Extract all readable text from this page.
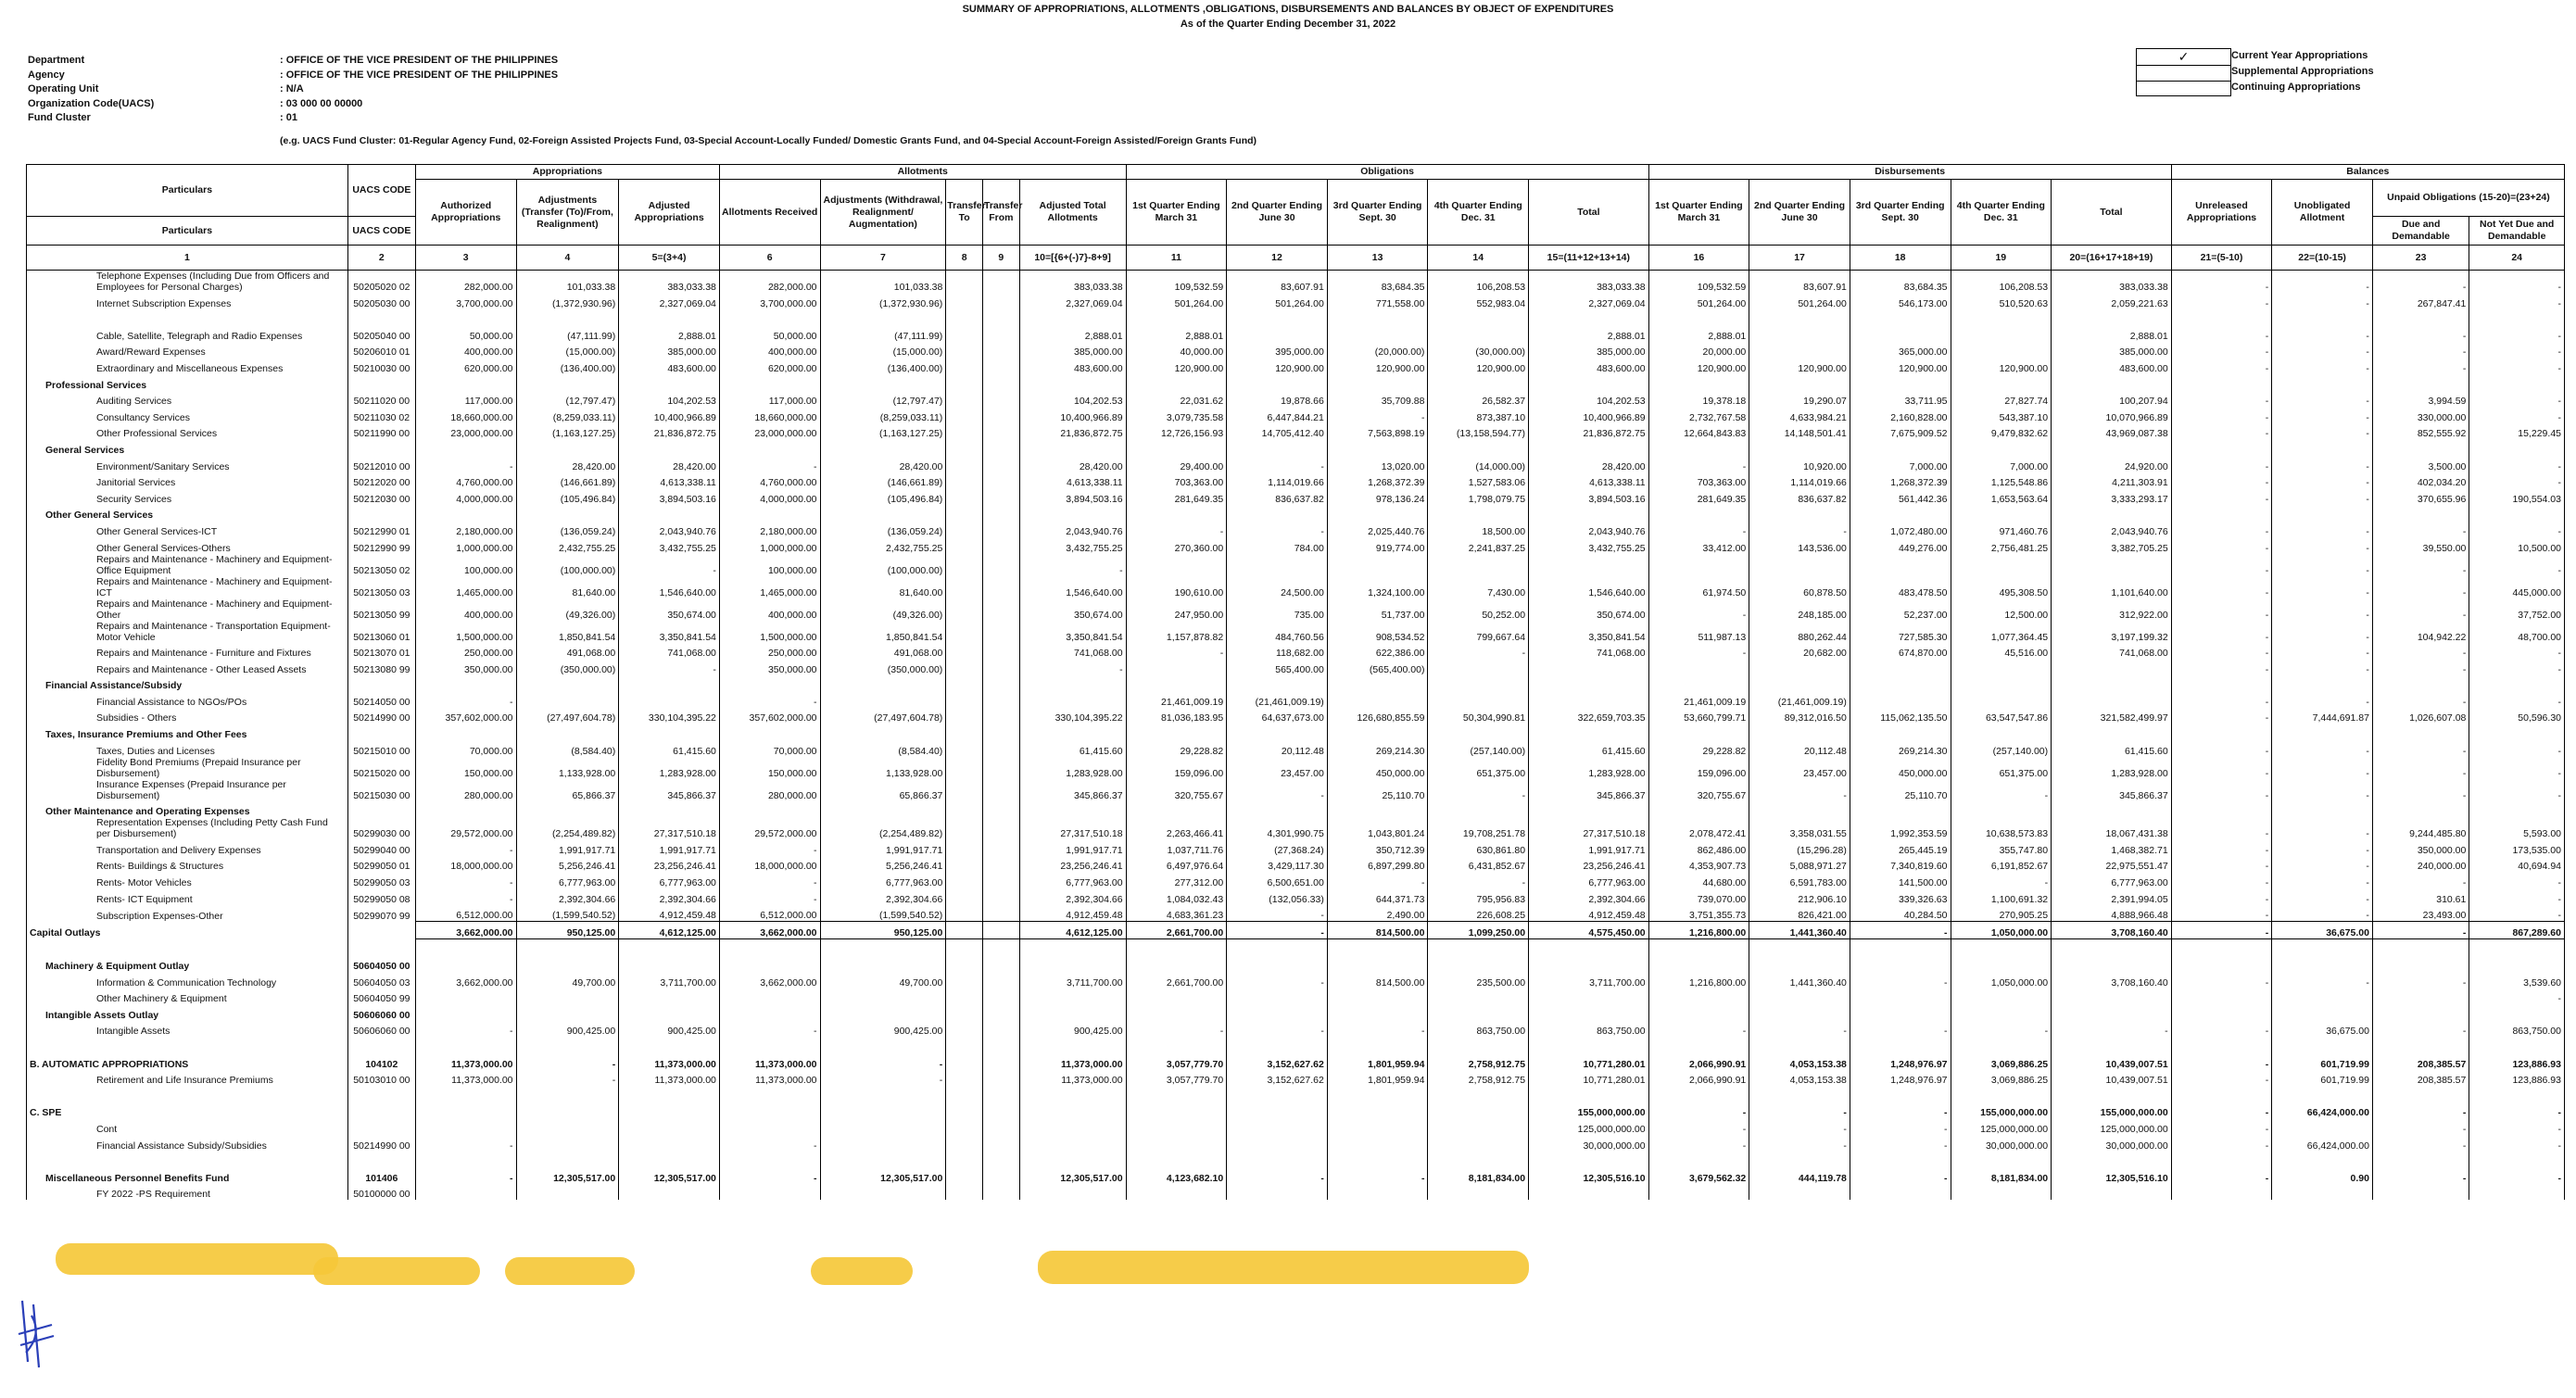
SUMMARY OF APPROPRIATIONS, ALLOTMENTS ,OBLIGATIONS, DISBURSEMENTS AND BALANCES BY OBJECT OF EXPENDITURES
As of the Quarter Ending December 31, 2022
Department	: OFFICE OF THE VICE PRESIDENT OF THE PHILIPPINES
Agency	: OFFICE OF THE VICE PRESIDENT OF THE PHILIPPINES
Operating Unit	: N/A
Organization Code(UACS)	: 03 000 00 00000
Fund Cluster	: 01
(e.g. UACS Fund Cluster: 01-Regular Agency Fund, 02-Foreign Assisted Projects Fund, 03-Special Account-Locally Funded/ Domestic Grants Fund, and 04-Special Account-Foreign Assisted/Foreign Grants Fund)
✓	Current Year Appropriations
Supplemental Appropriations
Continuing Appropriations
Particulars	UACS CODE	Appropriations			Allotments					Obligations					Disbursements					Balances			
		Authorized Appropriations	Adjustments (Transfer (To)/From, Realignment)	Adjusted Appropriations	Allotments Received	Adjustments (Withdrawal, Realignment/ Augmentation)	Transfer To	Transfer From	Adjusted Total Allotments	1st Quarter Ending March 31	2nd Quarter Ending June 30	3rd Quarter Ending Sept. 30	4th Quarter Ending Dec. 31	Total	1st Quarter Ending March 31	2nd Quarter Ending June 30	3rd Quarter Ending Sept. 30	4th Quarter Ending Dec. 31	Total	Unreleased Appropriations	Unobligated Allotment	Unpaid Obligations (15-20)=(23+24)	
Particulars	UACS CODE																					Due and Demandable	Not Yet Due and Demandable
1	2	3	4	5=(3+4)	6	7	8	9	10=[{6+(-)7}-8+9]	11	12	13	14	15=(11+12+13+14)	16	17	18	19	20=(16+17+18+19)	21=(5-10)	22=(10-15)	23	24
Telephone Expenses (Including Due from Officers and Employees for Personal Charges)	50205020 02	282,000.00	101,033.38	383,033.38	282,000.00	101,033.38			383,033.38	109,532.59	83,607.91	83,684.35	106,208.53	383,033.38	109,532.59	83,607.91	83,684.35	106,208.53	383,033.38	-	-	-	-
Internet Subscription Expenses	50205030 00	3,700,000.00	(1,372,930.96)	2,327,069.04	3,700,000.00	(1,372,930.96)			2,327,069.04	501,264.00	501,264.00	771,558.00	552,983.04	2,327,069.04	501,264.00	501,264.00	546,173.00	510,520.63	2,059,221.63	-	-	267,847.41	-

Cable, Satellite, Telegraph and Radio Expenses	50205040 00	50,000.00	(47,111.99)	2,888.01	50,000.00	(47,111.99)			2,888.01	2,888.01				2,888.01	2,888.01				2,888.01	-	-	-	-
Award/Reward Expenses	50206010 01	400,000.00	(15,000.00)	385,000.00	400,000.00	(15,000.00)			385,000.00	40,000.00	395,000.00	(20,000.00)	(30,000.00)	385,000.00	20,000.00		365,000.00		385,000.00	-	-	-	-
Extraordinary and Miscellaneous Expenses	50210030 00	620,000.00	(136,400.00)	483,600.00	620,000.00	(136,400.00)			483,600.00	120,900.00	120,900.00	120,900.00	120,900.00	483,600.00	120,900.00	120,900.00	120,900.00	120,900.00	483,600.00	-	-	-	-
Professional Services																							
Auditing Services	50211020 00	117,000.00	(12,797.47)	104,202.53	117,000.00	(12,797.47)			104,202.53	22,031.62	19,878.66	35,709.88	26,582.37	104,202.53	19,378.18	19,290.07	33,711.95	27,827.74	100,207.94	-	-	3,994.59	-
Consultancy Services	50211030 02	18,660,000.00	(8,259,033.11)	10,400,966.89	18,660,000.00	(8,259,033.11)			10,400,966.89	3,079,735.58	6,447,844.21	-	873,387.10	10,400,966.89	2,732,767.58	4,633,984.21	2,160,828.00	543,387.10	10,070,966.89	-	-	330,000.00	-
Other Professional Services	50211990 00	23,000,000.00	(1,163,127.25)	21,836,872.75	23,000,000.00	(1,163,127.25)			21,836,872.75	12,726,156.93	14,705,412.40	7,563,898.19	(13,158,594.77)	21,836,872.75	12,664,843.83	14,148,501.41	7,675,909.52	9,479,832.62	43,969,087.38	-	-	852,555.92	15,229.45
General Services																							
Environment/Sanitary Services	50212010 00	-	28,420.00	28,420.00	-	28,420.00			28,420.00	29,400.00	-	13,020.00	(14,000.00)	28,420.00	-	10,920.00	7,000.00	7,000.00	24,920.00	-	-	3,500.00	-
Janitorial Services	50212020 00	4,760,000.00	(146,661.89)	4,613,338.11	4,760,000.00	(146,661.89)			4,613,338.11	703,363.00	1,114,019.66	1,268,372.39	1,527,583.06	4,613,338.11	703,363.00	1,114,019.66	1,268,372.39	1,125,548.86	4,211,303.91	-	-	402,034.20	-
Security Services	50212030 00	4,000,000.00	(105,496.84)	3,894,503.16	4,000,000.00	(105,496.84)			3,894,503.16	281,649.35	836,637.82	978,136.24	1,798,079.75	3,894,503.16	281,649.35	836,637.82	561,442.36	1,653,563.64	3,333,293.17	-	-	370,655.96	190,554.03
Other General Services																							
Other General Services-ICT	50212990 01	2,180,000.00	(136,059.24)	2,043,940.76	2,180,000.00	(136,059.24)			2,043,940.76	-	-	2,025,440.76	18,500.00	2,043,940.76	-	-	1,072,480.00	971,460.76	2,043,940.76	-	-	-	-
Other General Services-Others	50212990 99	1,000,000.00	2,432,755.25	3,432,755.25	1,000,000.00	2,432,755.25			3,432,755.25	270,360.00	784.00	919,774.00	2,241,837.25	3,432,755.25	33,412.00	143,536.00	449,276.00	2,756,481.25	3,382,705.25	-	-	39,550.00	10,500.00
Repairs and Maintenance - Machinery and Equipment-Office Equipment	50213050 02	100,000.00	(100,000.00)	-	100,000.00	(100,000.00)			-											-	-	-	-
Repairs and Maintenance - Machinery and Equipment-ICT	50213050 03	1,465,000.00	81,640.00	1,546,640.00	1,465,000.00	81,640.00			1,546,640.00	190,610.00	24,500.00	1,324,100.00	7,430.00	1,546,640.00	61,974.50	60,878.50	483,478.50	495,308.50	1,101,640.00	-	-	-	445,000.00
Repairs and Maintenance - Machinery and Equipment-Other	50213050 99	400,000.00	(49,326.00)	350,674.00	400,000.00	(49,326.00)			350,674.00	247,950.00	735.00	51,737.00	50,252.00	350,674.00	-	248,185.00	52,237.00	12,500.00	312,922.00	-	-	-	37,752.00
Repairs and Maintenance - Transportation Equipment-Motor Vehicle	50213060 01	1,500,000.00	1,850,841.54	3,350,841.54	1,500,000.00	1,850,841.54			3,350,841.54	1,157,878.82	484,760.56	908,534.52	799,667.64	3,350,841.54	511,987.13	880,262.44	727,585.30	1,077,364.45	3,197,199.32	-	-	104,942.22	48,700.00
Repairs and Maintenance - Furniture and Fixtures	50213070 01	250,000.00	491,068.00	741,068.00	250,000.00	491,068.00			741,068.00	-	118,682.00	622,386.00	-	741,068.00	-	20,682.00	674,870.00	45,516.00	741,068.00	-	-	-	-
Repairs and Maintenance - Other Leased Assets	50213080 99	350,000.00	(350,000.00)	-	350,000.00	(350,000.00)			-		565,400.00	(565,400.00)								-	-	-	-
Financial Assistance/Subsidy																							
Financial Assistance to NGOs/POs	50214050 00	-			-					21,461,009.19	(21,461,009.19)				21,461,009.19	(21,461,009.19)				-	-	-	-
Subsidies - Others	50214990 00	357,602,000.00	(27,497,604.78)	330,104,395.22	357,602,000.00	(27,497,604.78)			330,104,395.22	81,036,183.95	64,637,673.00	126,680,855.59	50,304,990.81	322,659,703.35	53,660,799.71	89,312,016.50	115,062,135.50	63,547,547.86	321,582,499.97	-	7,444,691.87	1,026,607.08	50,596.30
Taxes, Insurance Premiums and Other Fees																							
Taxes, Duties and Licenses	50215010 00	70,000.00	(8,584.40)	61,415.60	70,000.00	(8,584.40)			61,415.60	29,228.82	20,112.48	269,214.30	(257,140.00)	61,415.60	29,228.82	20,112.48	269,214.30	(257,140.00)	61,415.60	-	-	-	-
Fidelity Bond Premiums (Prepaid Insurance per Disbursement)	50215020 00	150,000.00	1,133,928.00	1,283,928.00	150,000.00	1,133,928.00			1,283,928.00	159,096.00	23,457.00	450,000.00	651,375.00	1,283,928.00	159,096.00	23,457.00	450,000.00	651,375.00	1,283,928.00	-	-	-	-
Insurance Expenses (Prepaid Insurance per Disbursement)	50215030 00	280,000.00	65,866.37	345,866.37	280,000.00	65,866.37			345,866.37	320,755.67	-	25,110.70	-	345,866.37	320,755.67	-	25,110.70	-	345,866.37	-	-	-	-
Other Maintenance and Operating Expenses																							
Representation Expenses (Including Petty Cash Fund per Disbursement)	50299030 00	29,572,000.00	(2,254,489.82)	27,317,510.18	29,572,000.00	(2,254,489.82)			27,317,510.18	2,263,466.41	4,301,990.75	1,043,801.24	19,708,251.78	27,317,510.18	2,078,472.41	3,358,031.55	1,992,353.59	10,638,573.83	18,067,431.38	-	-	9,244,485.80	5,593.00
Transportation and Delivery Expenses	50299040 00	-	1,991,917.71	1,991,917.71	-	1,991,917.71			1,991,917.71	1,037,711.76	(27,368.24)	350,712.39	630,861.80	1,991,917.71	862,486.00	(15,296.28)	265,445.19	355,747.80	1,468,382.71	-	-	350,000.00	173,535.00
Rents- Buildings & Structures	50299050 01	18,000,000.00	5,256,246.41	23,256,246.41	18,000,000.00	5,256,246.41			23,256,246.41	6,497,976.64	3,429,117.30	6,897,299.80	6,431,852.67	23,256,246.41	4,353,907.73	5,088,971.27	7,340,819.60	6,191,852.67	22,975,551.47	-	-	240,000.00	40,694.94
Rents- Motor Vehicles	50299050 03	-	6,777,963.00	6,777,963.00	-	6,777,963.00			6,777,963.00	277,312.00	6,500,651.00	-	-	6,777,963.00	44,680.00	6,591,783.00	141,500.00	-	6,777,963.00	-	-	-	-
Rents- ICT Equipment	50299050 08	-	2,392,304.66	2,392,304.66	-	2,392,304.66			2,392,304.66	1,084,032.43	(132,056.33)	644,371.73	795,956.83	2,392,304.66	739,070.00	212,906.10	339,326.63	1,100,691.32	2,391,994.05	-	-	310.61	-
Subscription Expenses-Other	50299070 99	6,512,000.00	(1,599,540.52)	4,912,459.48	6,512,000.00	(1,599,540.52)			4,912,459.48	4,683,361.23	-	2,490.00	226,608.25	4,912,459.48	3,751,355.73	826,421.00	40,284.50	270,905.25	4,888,966.48	-	-	23,493.00	-
Capital Outlays		3,662,000.00	950,125.00	4,612,125.00	3,662,000.00	950,125.00			4,612,125.00	2,661,700.00	-	814,500.00	1,099,250.00	4,575,450.00	1,216,800.00	1,441,360.40	-	1,050,000.00	3,708,160.40	-	36,675.00	-	867,289.60

Machinery & Equipment Outlay	50604050 00																						
Information & Communication Technology	50604050 03	3,662,000.00	49,700.00	3,711,700.00	3,662,000.00	49,700.00			3,711,700.00	2,661,700.00	-	814,500.00	235,500.00	3,711,700.00	1,216,800.00	1,441,360.40	-	1,050,000.00	3,708,160.40	-	-	-	3,539.60
Other Machinery & Equipment	50604050 99																						-
Intangible Assets Outlay	50606060 00																						
Intangible Assets	50606060 00	-	900,425.00	900,425.00	-	900,425.00			900,425.00	-	-	-	863,750.00	863,750.00	-	-	-	-	-	-	36,675.00	-	863,750.00

B. AUTOMATIC APPROPRIATIONS	104102	11,373,000.00	-	11,373,000.00	11,373,000.00	-			11,373,000.00	3,057,779.70	3,152,627.62	1,801,959.94	2,758,912.75	10,771,280.01	2,066,990.91	4,053,153.38	1,248,976.97	3,069,886.25	10,439,007.51	-	601,719.99	208,385.57	123,886.93
Retirement and Life Insurance Premiums	50103010 00	11,373,000.00	-	11,373,000.00	11,373,000.00	-			11,373,000.00	3,057,779.70	3,152,627.62	1,801,959.94	2,758,912.75	10,771,280.01	2,066,990.91	4,053,153.38	1,248,976.97	3,069,886.25	10,439,007.51	-	601,719.99	208,385.57	123,886.93

C. SPE														155,000,000.00	-	-	-	155,000,000.00	155,000,000.00	-	66,424,000.00	-	-
Cont														125,000,000.00	-	-	-	125,000,000.00	125,000,000.00	-		-	-
Financial Assistance Subsidy/Subsidies	50214990 00	-			-									30,000,000.00	-	-	-	30,000,000.00	30,000,000.00	-	66,424,000.00	-	-

Miscellaneous Personnel Benefits Fund	101406	-	12,305,517.00	12,305,517.00	-	12,305,517.00			12,305,517.00	4,123,682.10	-	-	8,181,834.00	12,305,516.10	3,679,562.32	444,119.78	-	8,181,834.00	12,305,516.10	-	0.90	-	-
FY 2022 -PS Requirement	50100000 00																						
